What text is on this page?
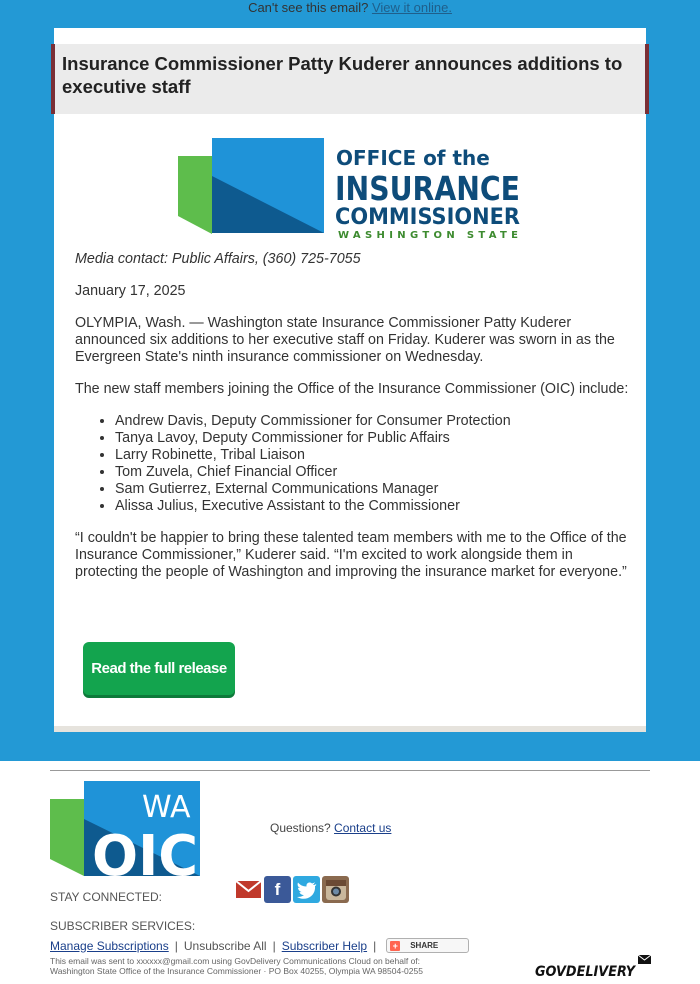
Can't see this email? View it online.
Insurance Commissioner Patty Kuderer announces additions to executive staff
OFFICE of the
INSURANCE
COMMISSIONER
WASHINGTON STATE

Media contact: Public Affairs, (360) 725-7055

January 17, 2025

OLYMPIA, Wash. — Washington state Insurance Commissioner Patty Kuderer announced six additions to her executive staff on Friday. Kuderer was sworn in as the Evergreen State's ninth insurance commissioner on Wednesday.

The new staff members joining the Office of the Insurance Commissioner (OIC) include:

• Andrew Davis, Deputy Commissioner for Consumer Protection
• Tanya Lavoy, Deputy Commissioner for Public Affairs
• Larry Robinette, Tribal Liaison
• Tom Zuvela, Chief Financial Officer
• Sam Gutierrez, External Communications Manager
• Alissa Julius, Executive Assistant to the Commissioner

“I couldn't be happier to bring these talented team members with me to the Office of the Insurance Commissioner,” Kuderer said. “I'm excited to work alongside them in protecting the people of Washington and improving the insurance market for everyone.”

Read the full release
WA
OIC	Questions? Contact us
STAY CONNECTED:	f
SUBSCRIBER SERVICES:
Manage Subscriptions | Unsubscribe All | Subscriber Help | + SHARE
This email was sent to xxxxxx@gmail.com using GovDelivery Communications Cloud on behalf of:
Washington State Office of the Insurance Commissioner · PO Box 40255, Olympia WA 98504-0255	GOVDELIVERY
